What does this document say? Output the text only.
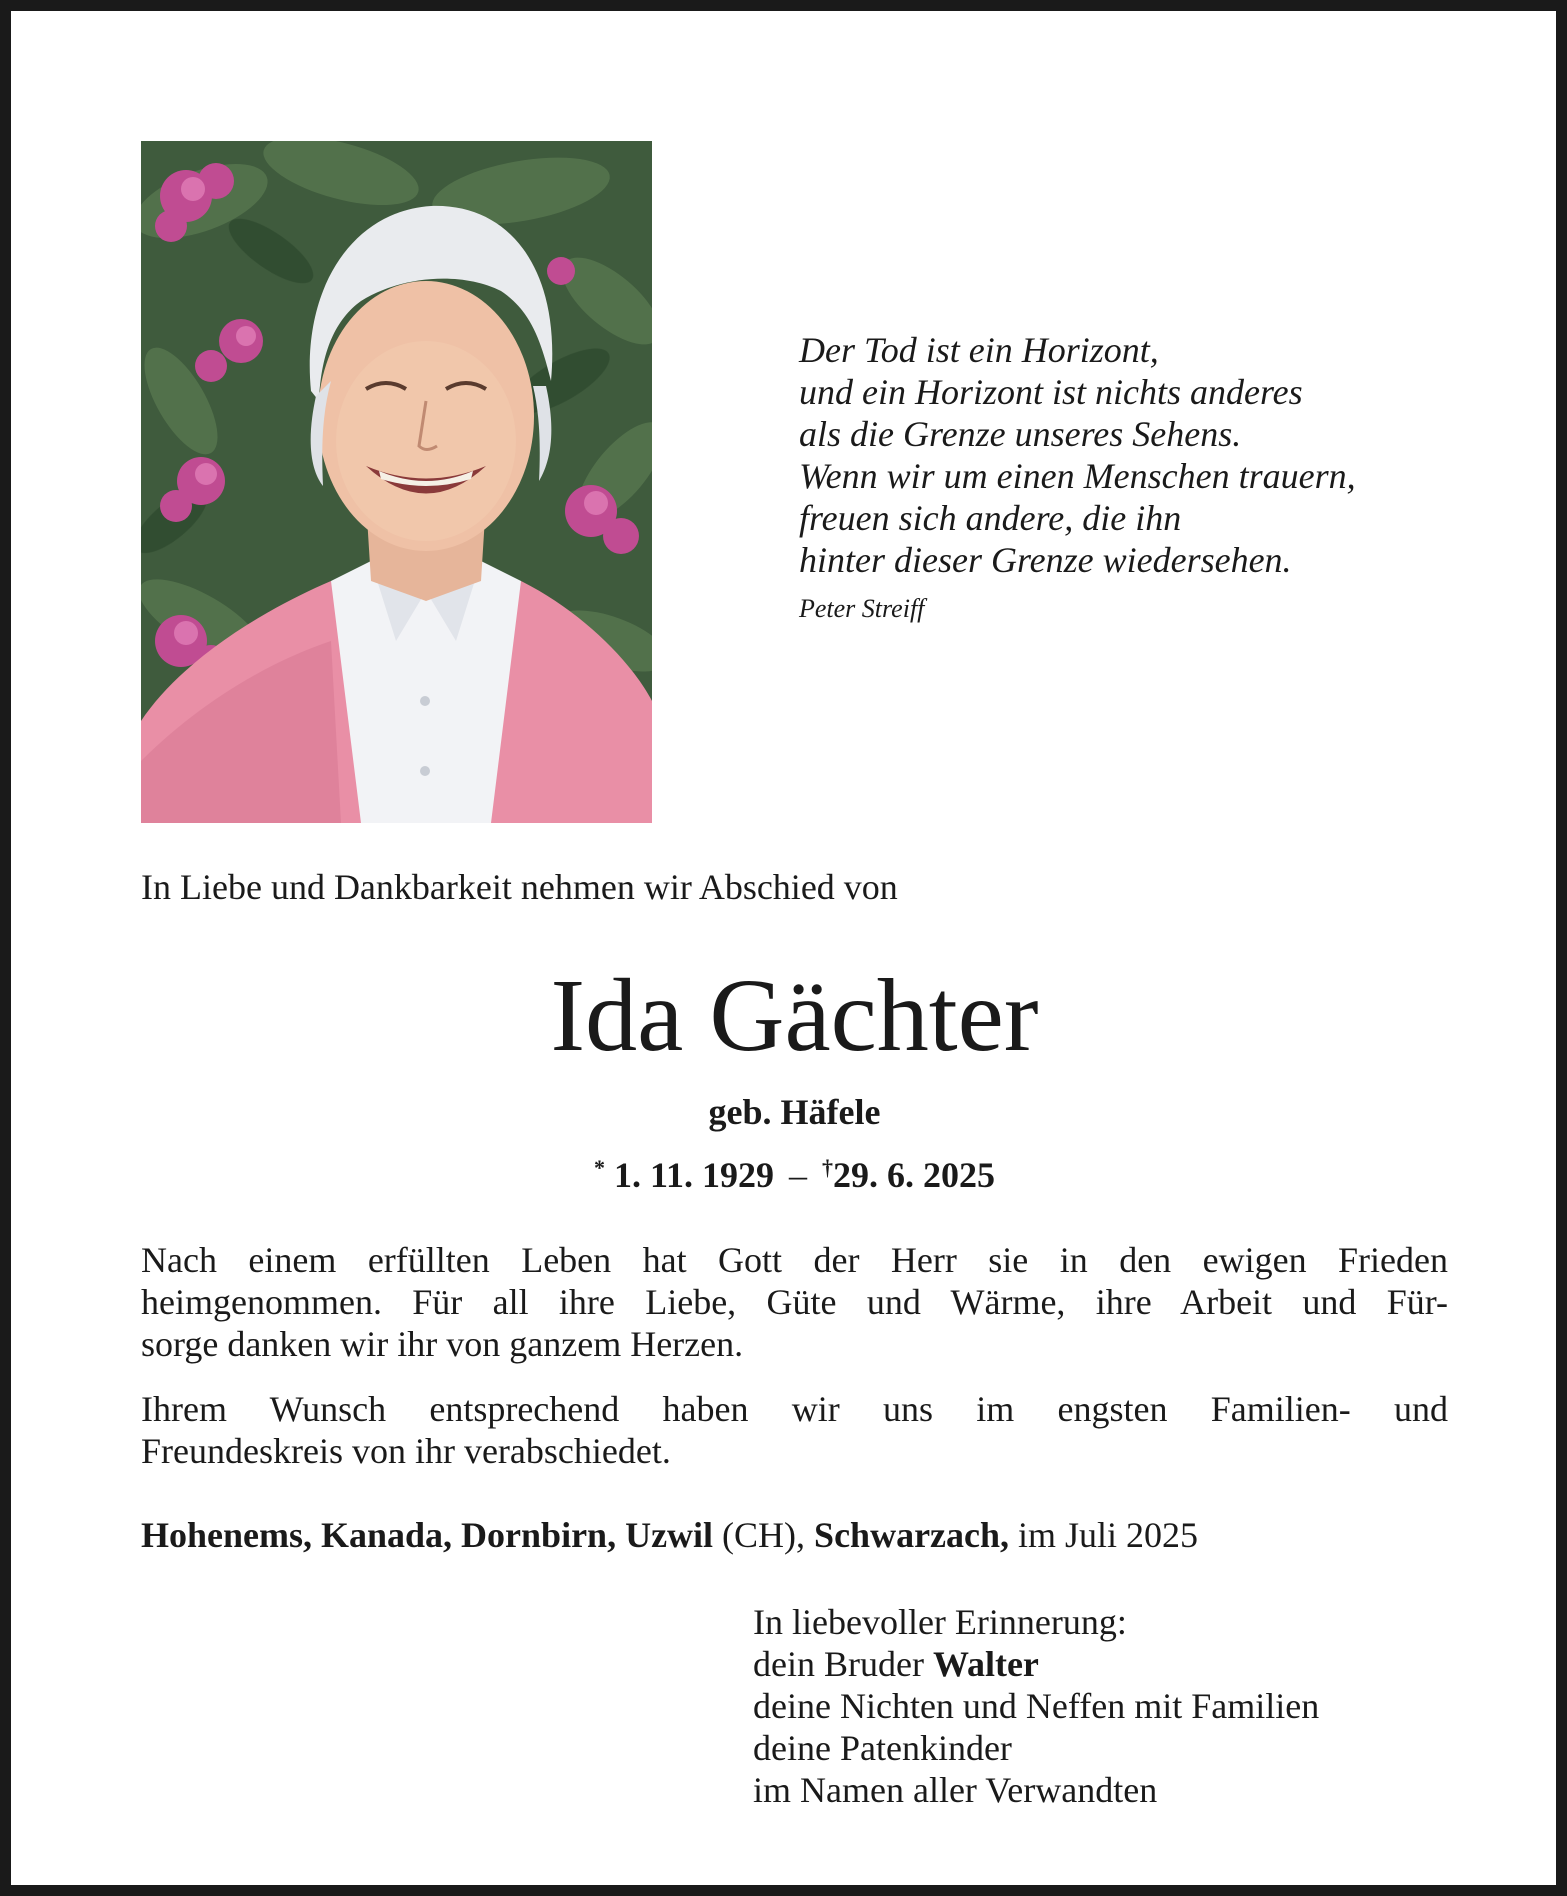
Der Tod ist ein Horizont,
und ein Horizont ist nichts anderes
als die Grenze unseres Sehens.
Wenn wir um einen Menschen trauern,
freuen sich andere, die ihn
hinter dieser Grenze wiedersehen.
Peter Streiff
In Liebe und Dankbarkeit nehmen wir Abschied von
Ida Gächter
geb. Häfele
* 1. 11. 1929 – †29. 6. 2025
Nach einem erfüllten Leben hat Gott der Herr sie in den ewigen Frieden
heimgenommen. Für all ihre Liebe, Güte und Wärme, ihre Arbeit und Für-
sorge danken wir ihr von ganzem Herzen.
Ihrem Wunsch entsprechend haben wir uns im engsten Familien- und
Freundeskreis von ihr verabschiedet.
Hohenems, Kanada, Dornbirn, Uzwil (CH), Schwarzach, im Juli 2025
In liebevoller Erinnerung:
dein Bruder Walter
deine Nichten und Neffen mit Familien
deine Patenkinder
im Namen aller Verwandten
